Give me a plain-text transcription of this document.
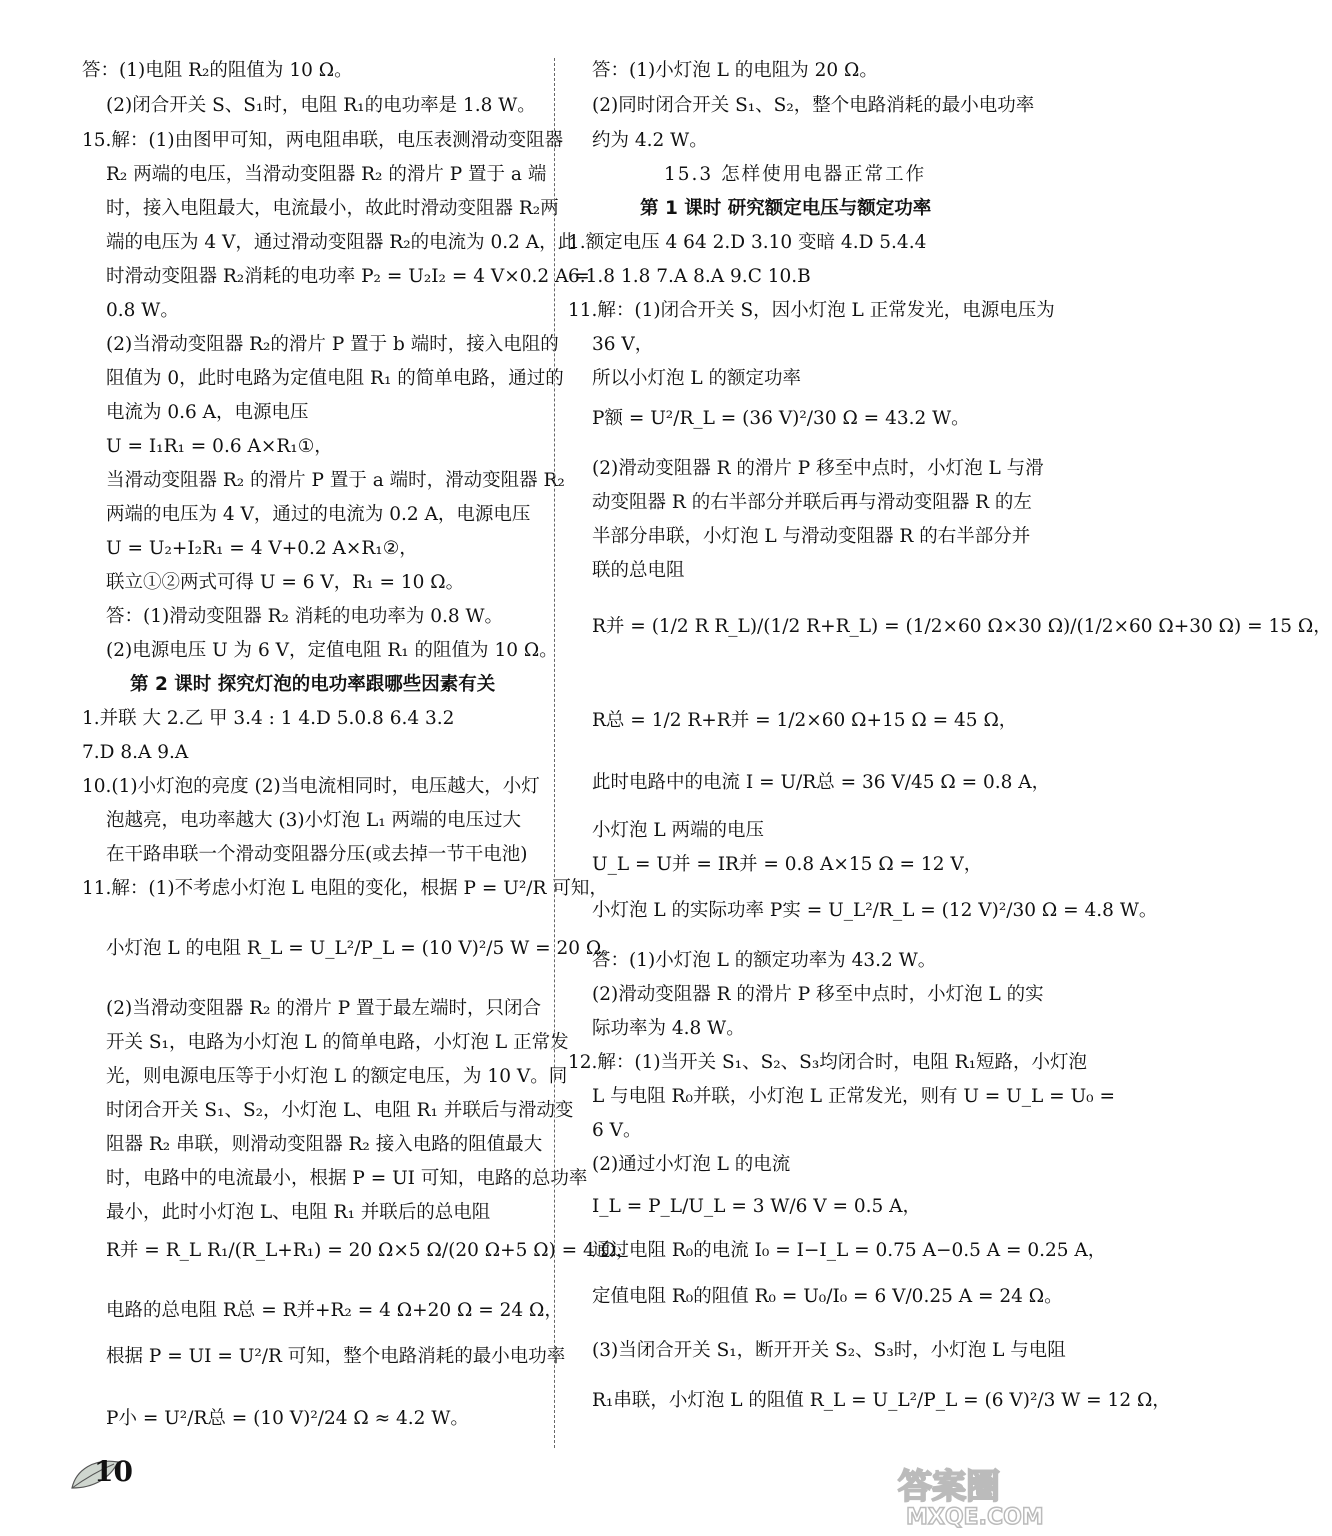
答：(1)电阻 R₂的阻值为 10 Ω。
(2)闭合开关 S、S₁时，电阻 R₁的电功率是 1.8 W。
15.解：(1)由图甲可知，两电阻串联，电压表测滑动变阻器
R₂ 两端的电压，当滑动变阻器 R₂ 的滑片 P 置于 a 端
时，接入电阻最大，电流最小，故此时滑动变阻器 R₂两
端的电压为 4 V，通过滑动变阻器 R₂的电流为 0.2 A，此
时滑动变阻器 R₂消耗的电功率 P₂ = U₂I₂ = 4 V×0.2 A =
0.8 W。
(2)当滑动变阻器 R₂的滑片 P 置于 b 端时，接入电阻的
阻值为 0，此时电路为定值电阻 R₁ 的简单电路，通过的
电流为 0.6 A，电源电压
U = I₁R₁ = 0.6 A×R₁①，
当滑动变阻器 R₂ 的滑片 P 置于 a 端时，滑动变阻器 R₂
两端的电压为 4 V，通过的电流为 0.2 A，电源电压
U = U₂+I₂R₁ = 4 V+0.2 A×R₁②，
联立①②两式可得 U = 6 V，R₁ = 10 Ω。
答：(1)滑动变阻器 R₂ 消耗的电功率为 0.8 W。
(2)电源电压 U 为 6 V，定值电阻 R₁ 的阻值为 10 Ω。
第 2 课时 探究灯泡的电功率跟哪些因素有关
1.并联 大 2.乙 甲 3.4 : 1 4.D 5.0.8 6.4 3.2
7.D 8.A 9.A
10.(1)小灯泡的亮度 (2)当电流相同时，电压越大，小灯
泡越亮，电功率越大 (3)小灯泡 L₁ 两端的电压过大
在干路串联一个滑动变阻器分压(或去掉一节干电池)
11.解：(1)不考虑小灯泡 L 电阻的变化，根据 P = U²/R 可知，
小灯泡 L 的电阻 R_L = U_L²/P_L = (10 V)²/5 W = 20 Ω。
(2)当滑动变阻器 R₂ 的滑片 P 置于最左端时，只闭合
开关 S₁，电路为小灯泡 L 的简单电路，小灯泡 L 正常发
光，则电源电压等于小灯泡 L 的额定电压，为 10 V。同
时闭合开关 S₁、S₂，小灯泡 L、电阻 R₁ 并联后与滑动变
阻器 R₂ 串联，则滑动变阻器 R₂ 接入电路的阻值最大
时，电路中的电流最小，根据 P = UI 可知，电路的总功率
最小，此时小灯泡 L、电阻 R₁ 并联后的总电阻
R并 = R_L R₁/(R_L+R₁) = 20 Ω×5 Ω/(20 Ω+5 Ω) = 4 Ω，
电路的总电阻 R总 = R并+R₂ = 4 Ω+20 Ω = 24 Ω，
根据 P = UI = U²/R 可知，整个电路消耗的最小电功率
P小 = U²/R总 = (10 V)²/24 Ω ≈ 4.2 W。
答：(1)小灯泡 L 的电阻为 20 Ω。
(2)同时闭合开关 S₁、S₂，整个电路消耗的最小电功率
约为 4.2 W。
15.3 怎样使用电器正常工作
第 1 课时 研究额定电压与额定功率
1.额定电压 4 64 2.D 3.10 变暗 4.D 5.4.4
6.1.8 1.8 7.A 8.A 9.C 10.B
11.解：(1)闭合开关 S，因小灯泡 L 正常发光，电源电压为
36 V，
所以小灯泡 L 的额定功率
P额 = U²/R_L = (36 V)²/30 Ω = 43.2 W。
(2)滑动变阻器 R 的滑片 P 移至中点时，小灯泡 L 与滑
动变阻器 R 的右半部分并联后再与滑动变阻器 R 的左
半部分串联，小灯泡 L 与滑动变阻器 R 的右半部分并
联的总电阻
R并 = (1/2 R R_L)/(1/2 R+R_L) = (1/2×60 Ω×30 Ω)/(1/2×60 Ω+30 Ω) = 15 Ω，
R总 = 1/2 R+R并 = 1/2×60 Ω+15 Ω = 45 Ω，
此时电路中的电流 I = U/R总 = 36 V/45 Ω = 0.8 A，
小灯泡 L 两端的电压
U_L = U并 = IR并 = 0.8 A×15 Ω = 12 V，
小灯泡 L 的实际功率 P实 = U_L²/R_L = (12 V)²/30 Ω = 4.8 W。
答：(1)小灯泡 L 的额定功率为 43.2 W。
(2)滑动变阻器 R 的滑片 P 移至中点时，小灯泡 L 的实
际功率为 4.8 W。
12.解：(1)当开关 S₁、S₂、S₃均闭合时，电阻 R₁短路，小灯泡
L 与电阻 R₀并联，小灯泡 L 正常发光，则有 U = U_L = U₀ =
6 V。
(2)通过小灯泡 L 的电流
I_L = P_L/U_L = 3 W/6 V = 0.5 A，
通过电阻 R₀的电流 I₀ = I−I_L = 0.75 A−0.5 A = 0.25 A，
定值电阻 R₀的阻值 R₀ = U₀/I₀ = 6 V/0.25 A = 24 Ω。
(3)当闭合开关 S₁，断开开关 S₂、S₃时，小灯泡 L 与电阻
R₁串联，小灯泡 L 的阻值 R_L = U_L²/P_L = (6 V)²/3 W = 12 Ω，
10	答案圈
MXQE.COM
